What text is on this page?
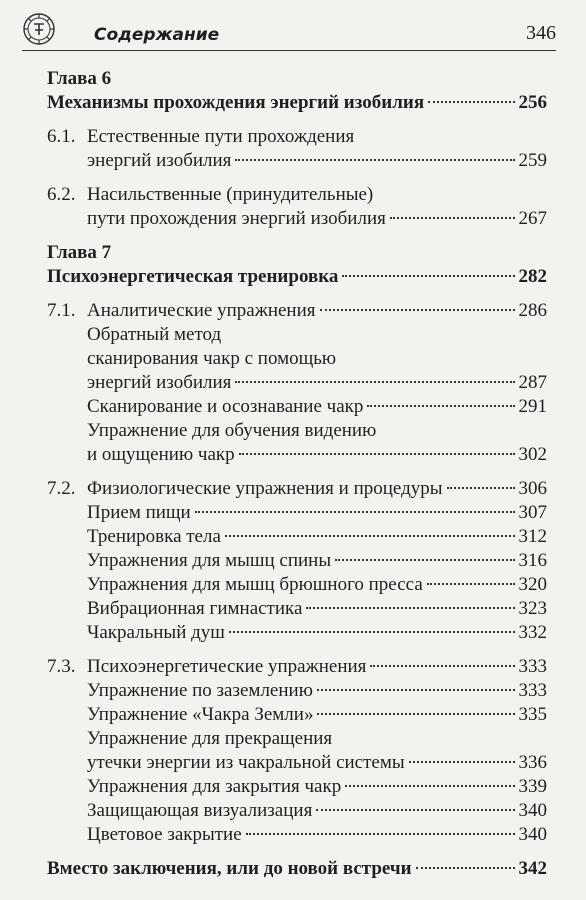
Содержание	346
Глава 6
Механизмы прохождения энергий изобилия	256
6.1. Естественные пути прохождения
энергий изобилия	259
6.2. Насильственные (принудительные)
пути прохождения энергий изобилия	267
Глава 7
Психоэнергетическая тренировка	282
7.1. Аналитические упражнения	286
Обратный метод
сканирования чакр с помощью
энергий изобилия	287
Сканирование и осознавание чакр	291
Упражнение для обучения видению
и ощущению чакр	302
7.2. Физиологические упражнения и процедуры	306
Прием пищи	307
Тренировка тела	312
Упражнения для мышц спины	316
Упражнения для мышц брюшного пресса	320
Вибрационная гимнастика	323
Чакральный душ	332
7.3. Психоэнергетические упражнения	333
Упражнение по заземлению	333
Упражнение «Чакра Земли»	335
Упражнение для прекращения
утечки энергии из чакральной системы	336
Упражнения для закрытия чакр	339
Защищающая визуализация	340
Цветовое закрытие	340
Вместо заключения, или до новой встречи	342
